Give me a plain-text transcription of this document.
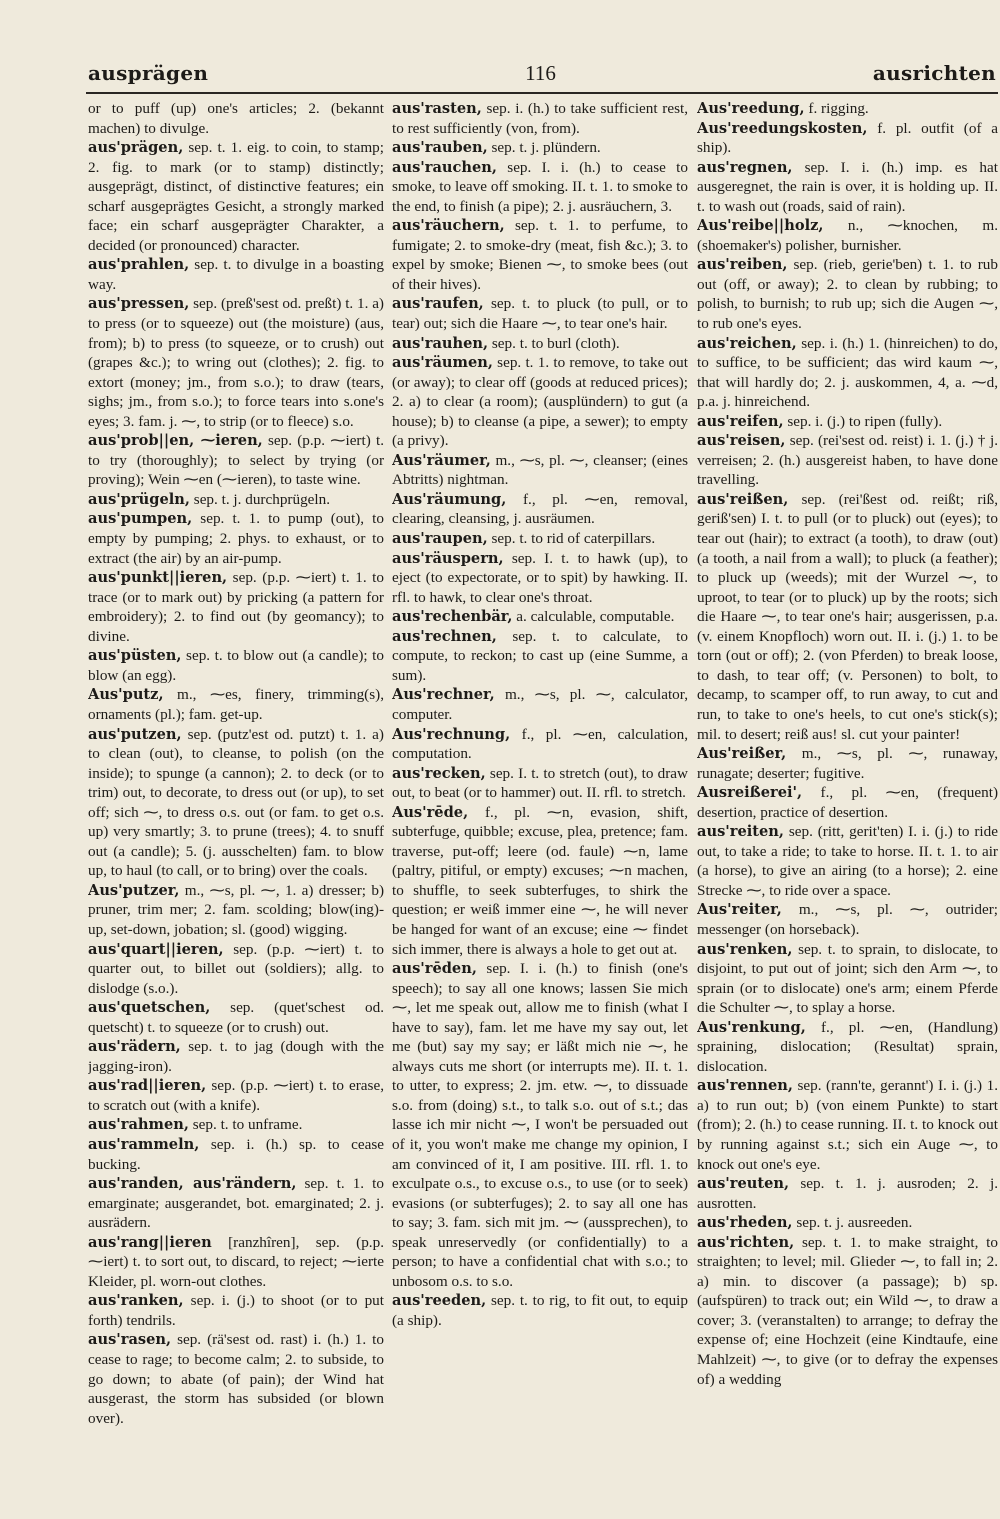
ausprägen	116	ausrichten

or to puff (up) one's articles; 2. (bekannt machen) to divulge.

aus'prägen, sep. t. 1. eig. to coin, to stamp; 2. fig. to mark (or to stamp) distinctly; ausgeprägt, distinct, of distinctive features; ein scharf ausgeprägtes Gesicht, a strongly marked face; ein scharf ausgeprägter Charakter, a decided (or pronounced) character.

aus'prahlen, sep. t. to divulge in a boasting way.

aus'pressen, sep. (preß'sest od. preßt) t. 1. a) to press (or to squeeze) out (the moisture) (aus, from); b) to press (to squeeze, or to crush) out (grapes &c.); to wring out (clothes); 2. fig. to extort (money; jm., from s.o.); to draw (tears, sighs; jm., from s.o.); to force tears into s.one's eyes; 3. fam. j. ⁓, to strip (or to fleece) s.o.

aus'prob||en, ⁓ieren, sep. (p.p. ⁓iert) t. to try (thoroughly); to select by trying (or proving); Wein ⁓en (⁓ieren), to taste wine.

aus'prügeln, sep. t. j. durchprügeln.

aus'pumpen, sep. t. 1. to pump (out), to empty by pumping; 2. phys. to exhaust, or to extract (the air) by an air-pump.

aus'punkt||ieren, sep. (p.p. ⁓iert) t. 1. to trace (or to mark out) by pricking (a pattern for embroidery); 2. to find out (by geomancy); to divine.

aus'püsten, sep. t. to blow out (a candle); to blow (an egg).

Aus'putz, m., ⁓es, finery, trimming(s), ornaments (pl.); fam. get-up.

aus'putzen, sep. (putz'est od. putzt) t. 1. a) to clean (out), to cleanse, to polish (on the inside); to spunge (a cannon); 2. to deck (or to trim) out, to decorate, to dress out (or up), to set off; sich ⁓, to dress o.s. out (or fam. to get o.s. up) very smartly; 3. to prune (trees); 4. to snuff out (a candle); 5. (j. ausschelten) fam. to blow up, to haul (to call, or to bring) over the coals.

Aus'putzer, m., ⁓s, pl. ⁓, 1. a) dresser; b) pruner, trim mer; 2. fam. scolding; blow(ing)-up, set-down, jobation; sl. (good) wigging.

aus'quart||ieren, sep. (p.p. ⁓iert) t. to quarter out, to billet out (soldiers); allg. to dislodge (s.o.).

aus'quetschen, sep. (quet'schest od. quetscht) t. to squeeze (or to crush) out.

aus'rädern, sep. t. to jag (dough with the jagging-iron).

aus'rad||ieren, sep. (p.p. ⁓iert) t. to erase, to scratch out (with a knife).

aus'rahmen, sep. t. to unframe.

aus'rammeln, sep. i. (h.) sp. to cease bucking.

aus'randen, aus'rändern, sep. t. 1. to emarginate; ausgerandet, bot. emarginated; 2. j. ausrädern.

aus'rang||ieren [ranzhîren], sep. (p.p. ⁓iert) t. to sort out, to discard, to reject; ⁓ierte Kleider, pl. worn-out clothes.

aus'ranken, sep. i. (j.) to shoot (or to put forth) tendrils.

aus'rasen, sep. (rä'sest od. rast) i. (h.) 1. to cease to rage; to become calm; 2. to subside, to go down; to abate (of pain); der Wind hat ausgerast, the storm has subsided (or blown over).

aus'rasten, sep. i. (h.) to take sufficient rest, to rest sufficiently (von, from).

aus'rauben, sep. t. j. plündern.

aus'rauchen, sep. I. i. (h.) to cease to smoke, to leave off smoking. II. t. 1. to smoke to the end, to finish (a pipe); 2. j. ausräuchern, 3.

aus'räuchern, sep. t. 1. to perfume, to fumigate; 2. to smoke-dry (meat, fish &c.); 3. to expel by smoke; Bienen ⁓, to smoke bees (out of their hives).

aus'raufen, sep. t. to pluck (to pull, or to tear) out; sich die Haare ⁓, to tear one's hair.

aus'rauhen, sep. t. to burl (cloth).

aus'räumen, sep. t. 1. to remove, to take out (or away); to clear off (goods at reduced prices); 2. a) to clear (a room); (ausplündern) to gut (a house); b) to cleanse (a pipe, a sewer); to empty (a privy).

Aus'räumer, m., ⁓s, pl. ⁓, cleanser; (eines Abtritts) nightman.

Aus'räumung, f., pl. ⁓en, removal, clearing, cleansing, j. ausräumen.

aus'raupen, sep. t. to rid of caterpillars.

aus'räuspern, sep. I. t. to hawk (up), to eject (to expectorate, or to spit) by hawking. II. rfl. to hawk, to clear one's throat.

aus'rechenbär, a. calculable, computable.

aus'rechnen, sep. t. to calculate, to compute, to reckon; to cast up (eine Summe, a sum).

Aus'rechner, m., ⁓s, pl. ⁓, calculator, computer.

Aus'rechnung, f., pl. ⁓en, calculation, computation.

aus'recken, sep. I. t. to stretch (out), to draw out, to beat (or to hammer) out. II. rfl. to stretch.

Aus'rēde, f., pl. ⁓n, evasion, shift, subterfuge, quibble; excuse, plea, pretence; fam. traverse, put-off; leere (od. faule) ⁓n, lame (paltry, pitiful, or empty) excuses; ⁓n machen, to shuffle, to seek subterfuges, to shirk the question; er weiß immer eine ⁓, he will never be hanged for want of an excuse; eine ⁓ findet sich immer, there is always a hole to get out at.

aus'rēden, sep. I. i. (h.) to finish (one's speech); to say all one knows; lassen Sie mich ⁓, let me speak out, allow me to finish (what I have to say), fam. let me have my say out, let me (but) say my say; er läßt mich nie ⁓, he always cuts me short (or interrupts me). II. t. 1. to utter, to express; 2. jm. etw. ⁓, to dissuade s.o. from (doing) s.t., to talk s.o. out of s.t.; das lasse ich mir nicht ⁓, I won't be persuaded out of it, you won't make me change my opinion, I am convinced of it, I am positive. III. rfl. 1. to exculpate o.s., to excuse o.s., to use (or to seek) evasions (or subterfuges); 2. to say all one has to say; 3. fam. sich mit jm. ⁓ (aussprechen), to speak unreservedly (or confidentially) to a person; to have a confidential chat with s.o.; to unbosom o.s. to s.o.

aus'reeden, sep. t. to rig, to fit out, to equip (a ship).

Aus'reedung, f. rigging.

Aus'reedungskosten, f. pl. outfit (of a ship).

aus'regnen, sep. I. i. (h.) imp. es hat ausgeregnet, the rain is over, it is holding up. II. t. to wash out (roads, said of rain).

Aus'reibe||holz, n., ⁓knochen, m. (shoemaker's) polisher, burnisher.

aus'reiben, sep. (rieb, gerie'ben) t. 1. to rub out (off, or away); 2. to clean by rubbing; to polish, to burnish; to rub up; sich die Augen ⁓, to rub one's eyes.

aus'reichen, sep. i. (h.) 1. (hinreichen) to do, to suffice, to be sufficient; das wird kaum ⁓, that will hardly do; 2. j. auskommen, 4, a. ⁓d, p.a. j. hinreichend.

aus'reifen, sep. i. (j.) to ripen (fully).

aus'reisen, sep. (rei'sest od. reist) i. 1. (j.) † j. verreisen; 2. (h.) ausgereist haben, to have done travelling.

aus'reißen, sep. (rei'ßest od. reißt; riß, geriß'sen) I. t. to pull (or to pluck) out (eyes); to tear out (hair); to extract (a tooth), to draw (out) (a tooth, a nail from a wall); to pluck (a feather); to pluck up (weeds); mit der Wurzel ⁓, to uproot, to tear (or to pluck) up by the roots; sich die Haare ⁓, to tear one's hair; ausgerissen, p.a. (v. einem Knopfloch) worn out. II. i. (j.) 1. to be torn (out or off); 2. (von Pferden) to break loose, to dash, to tear off; (v. Personen) to bolt, to decamp, to scamper off, to run away, to cut and run, to take to one's heels, to cut one's stick(s); mil. to desert; reiß aus! sl. cut your painter!

Aus'reißer, m., ⁓s, pl. ⁓, runaway, runagate; deserter; fugitive.

Ausreißerei', f., pl. ⁓en, (frequent) desertion, practice of desertion.

aus'reiten, sep. (ritt, gerit'ten) I. i. (j.) to ride out, to take a ride; to take to horse. II. t. 1. to air (a horse), to give an airing (to a horse); 2. eine Strecke ⁓, to ride over a space.

Aus'reiter, m., ⁓s, pl. ⁓, outrider; messenger (on horseback).

aus'renken, sep. t. to sprain, to dislocate, to disjoint, to put out of joint; sich den Arm ⁓, to sprain (or to dislocate) one's arm; einem Pferde die Schulter ⁓, to splay a horse.

Aus'renkung, f., pl. ⁓en, (Handlung) spraining, dislocation; (Resultat) sprain, dislocation.

aus'rennen, sep. (rann'te, gerannt') I. i. (j.) 1. a) to run out; b) (von einem Punkte) to start (from); 2. (h.) to cease running. II. t. to knock out by running against s.t.; sich ein Auge ⁓, to knock out one's eye.

aus'reuten, sep. t. 1. j. ausroden; 2. j. ausrotten.

aus'rheden, sep. t. j. ausreeden.

aus'richten, sep. t. 1. to make straight, to straighten; to level; mil. Glieder ⁓, to fall in; 2. a) min. to discover (a passage); b) sp. (aufspüren) to track out; ein Wild ⁓, to draw a cover; 3. (veranstalten) to arrange; to defray the expense of; eine Hochzeit (eine Kindtaufe, eine Mahlzeit) ⁓, to give (or to defray the expenses of) a wedding
